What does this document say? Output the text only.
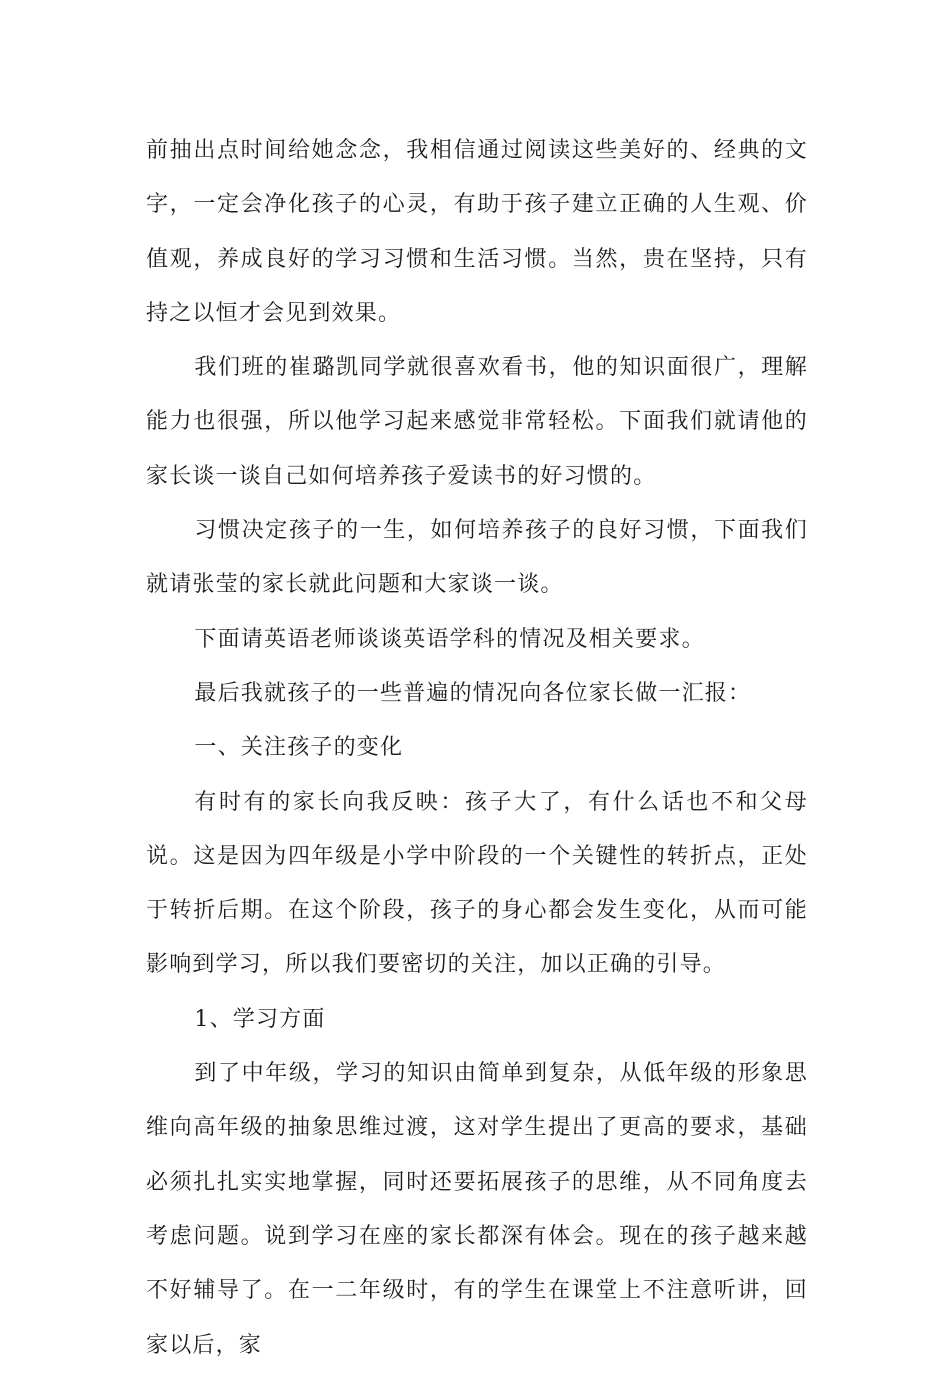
前抽出点时间给她念念，我相信通过阅读这些美好的、经典的文字，一定会净化孩子的心灵，有助于孩子建立正确的人生观、价值观，养成良好的学习习惯和生活习惯。当然，贵在坚持，只有持之以恒才会见到效果。

我们班的崔璐凯同学就很喜欢看书，他的知识面很广，理解能力也很强，所以他学习起来感觉非常轻松。下面我们就请他的家长谈一谈自己如何培养孩子爱读书的好习惯的。

习惯决定孩子的一生，如何培养孩子的良好习惯，下面我们就请张莹的家长就此问题和大家谈一谈。

下面请英语老师谈谈英语学科的情况及相关要求。

最后我就孩子的一些普遍的情况向各位家长做一汇报：

一、关注孩子的变化

有时有的家长向我反映：孩子大了，有什么话也不和父母说。这是因为四年级是小学中阶段的一个关键性的转折点，正处于转折后期。在这个阶段，孩子的身心都会发生变化，从而可能影响到学习，所以我们要密切的关注，加以正确的引导。

1、学习方面

到了中年级，学习的知识由简单到复杂，从低年级的形象思维向高年级的抽象思维过渡，这对学生提出了更高的要求，基础必须扎扎实实地掌握，同时还要拓展孩子的思维，从不同角度去考虑问题。说到学习在座的家长都深有体会。现在的孩子越来越不好辅导了。在一二年级时，有的学生在课堂上不注意听讲，回家以后，家
